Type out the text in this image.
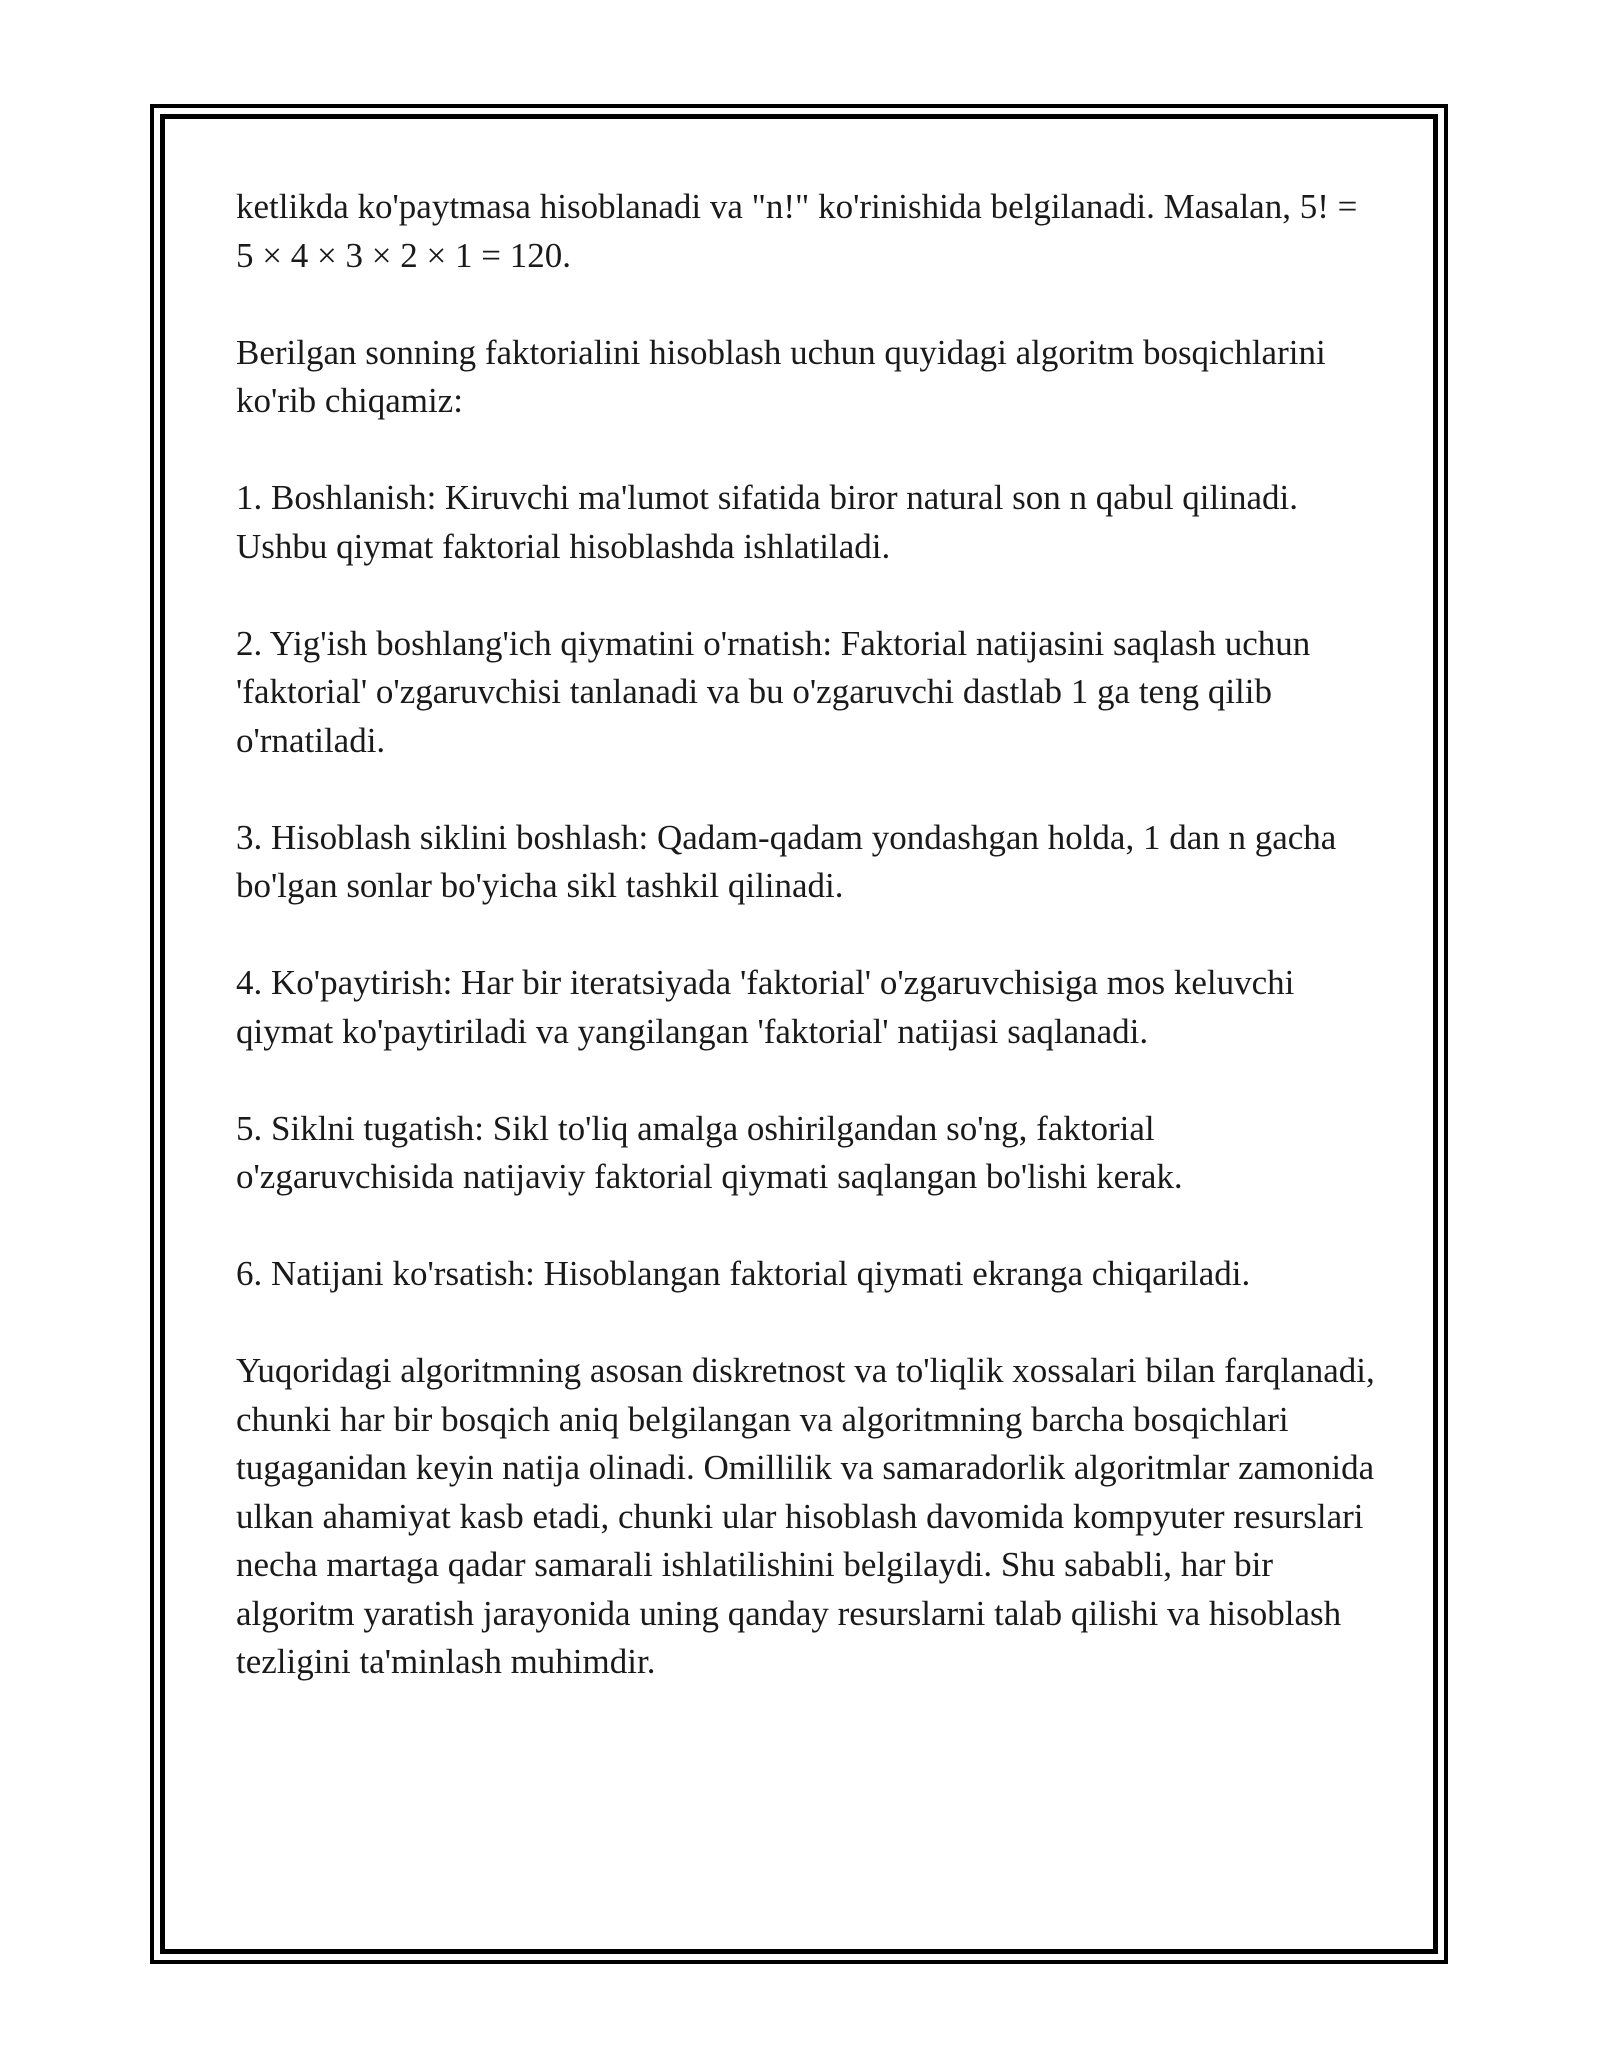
ketlikda ko'paytmasa hisoblanadi va "n!" ko'rinishida belgilanadi. Masalan, 5! = 5 × 4 × 3 × 2 × 1 = 120.

Berilgan sonning faktorialini hisoblash uchun quyidagi algoritm bosqichlarini ko'rib chiqamiz:

1. Boshlanish: Kiruvchi ma'lumot sifatida biror natural son n qabul qilinadi. Ushbu qiymat faktorial hisoblashda ishlatiladi.

2. Yig'ish boshlang'ich qiymatini o'rnatish: Faktorial natijasini saqlash uchun 'faktorial' o'zgaruvchisi tanlanadi va bu o'zgaruvchi dastlab 1 ga teng qilib o'rnatiladi.

3. Hisoblash siklini boshlash: Qadam-qadam yondashgan holda, 1 dan n gacha bo'lgan sonlar bo'yicha sikl tashkil qilinadi.

4. Ko'paytirish: Har bir iteratsiyada 'faktorial' o'zgaruvchisiga mos keluvchi qiymat ko'paytiriladi va yangilangan 'faktorial' natijasi saqlanadi.

5. Siklni tugatish: Sikl to'liq amalga oshirilgandan so'ng, faktorial o'zgaruvchisida natijaviy faktorial qiymati saqlangan bo'lishi kerak.

6. Natijani ko'rsatish: Hisoblangan faktorial qiymati ekranga chiqariladi.

Yuqoridagi algoritmning asosan diskretnost va to'liqlik xossalari bilan farqlanadi, chunki har bir bosqich aniq belgilangan va algoritmning barcha bosqichlari tugaganidan keyin natija olinadi. Omillilik va samaradorlik algoritmlar zamonida ulkan ahamiyat kasb etadi, chunki ular hisoblash davomida kompyuter resurslari necha martaga qadar samarali ishlatilishini belgilaydi. Shu sababli, har bir algoritm yaratish jarayonida uning qanday resurslarni talab qilishi va hisoblash tezligini ta'minlash muhimdir.
